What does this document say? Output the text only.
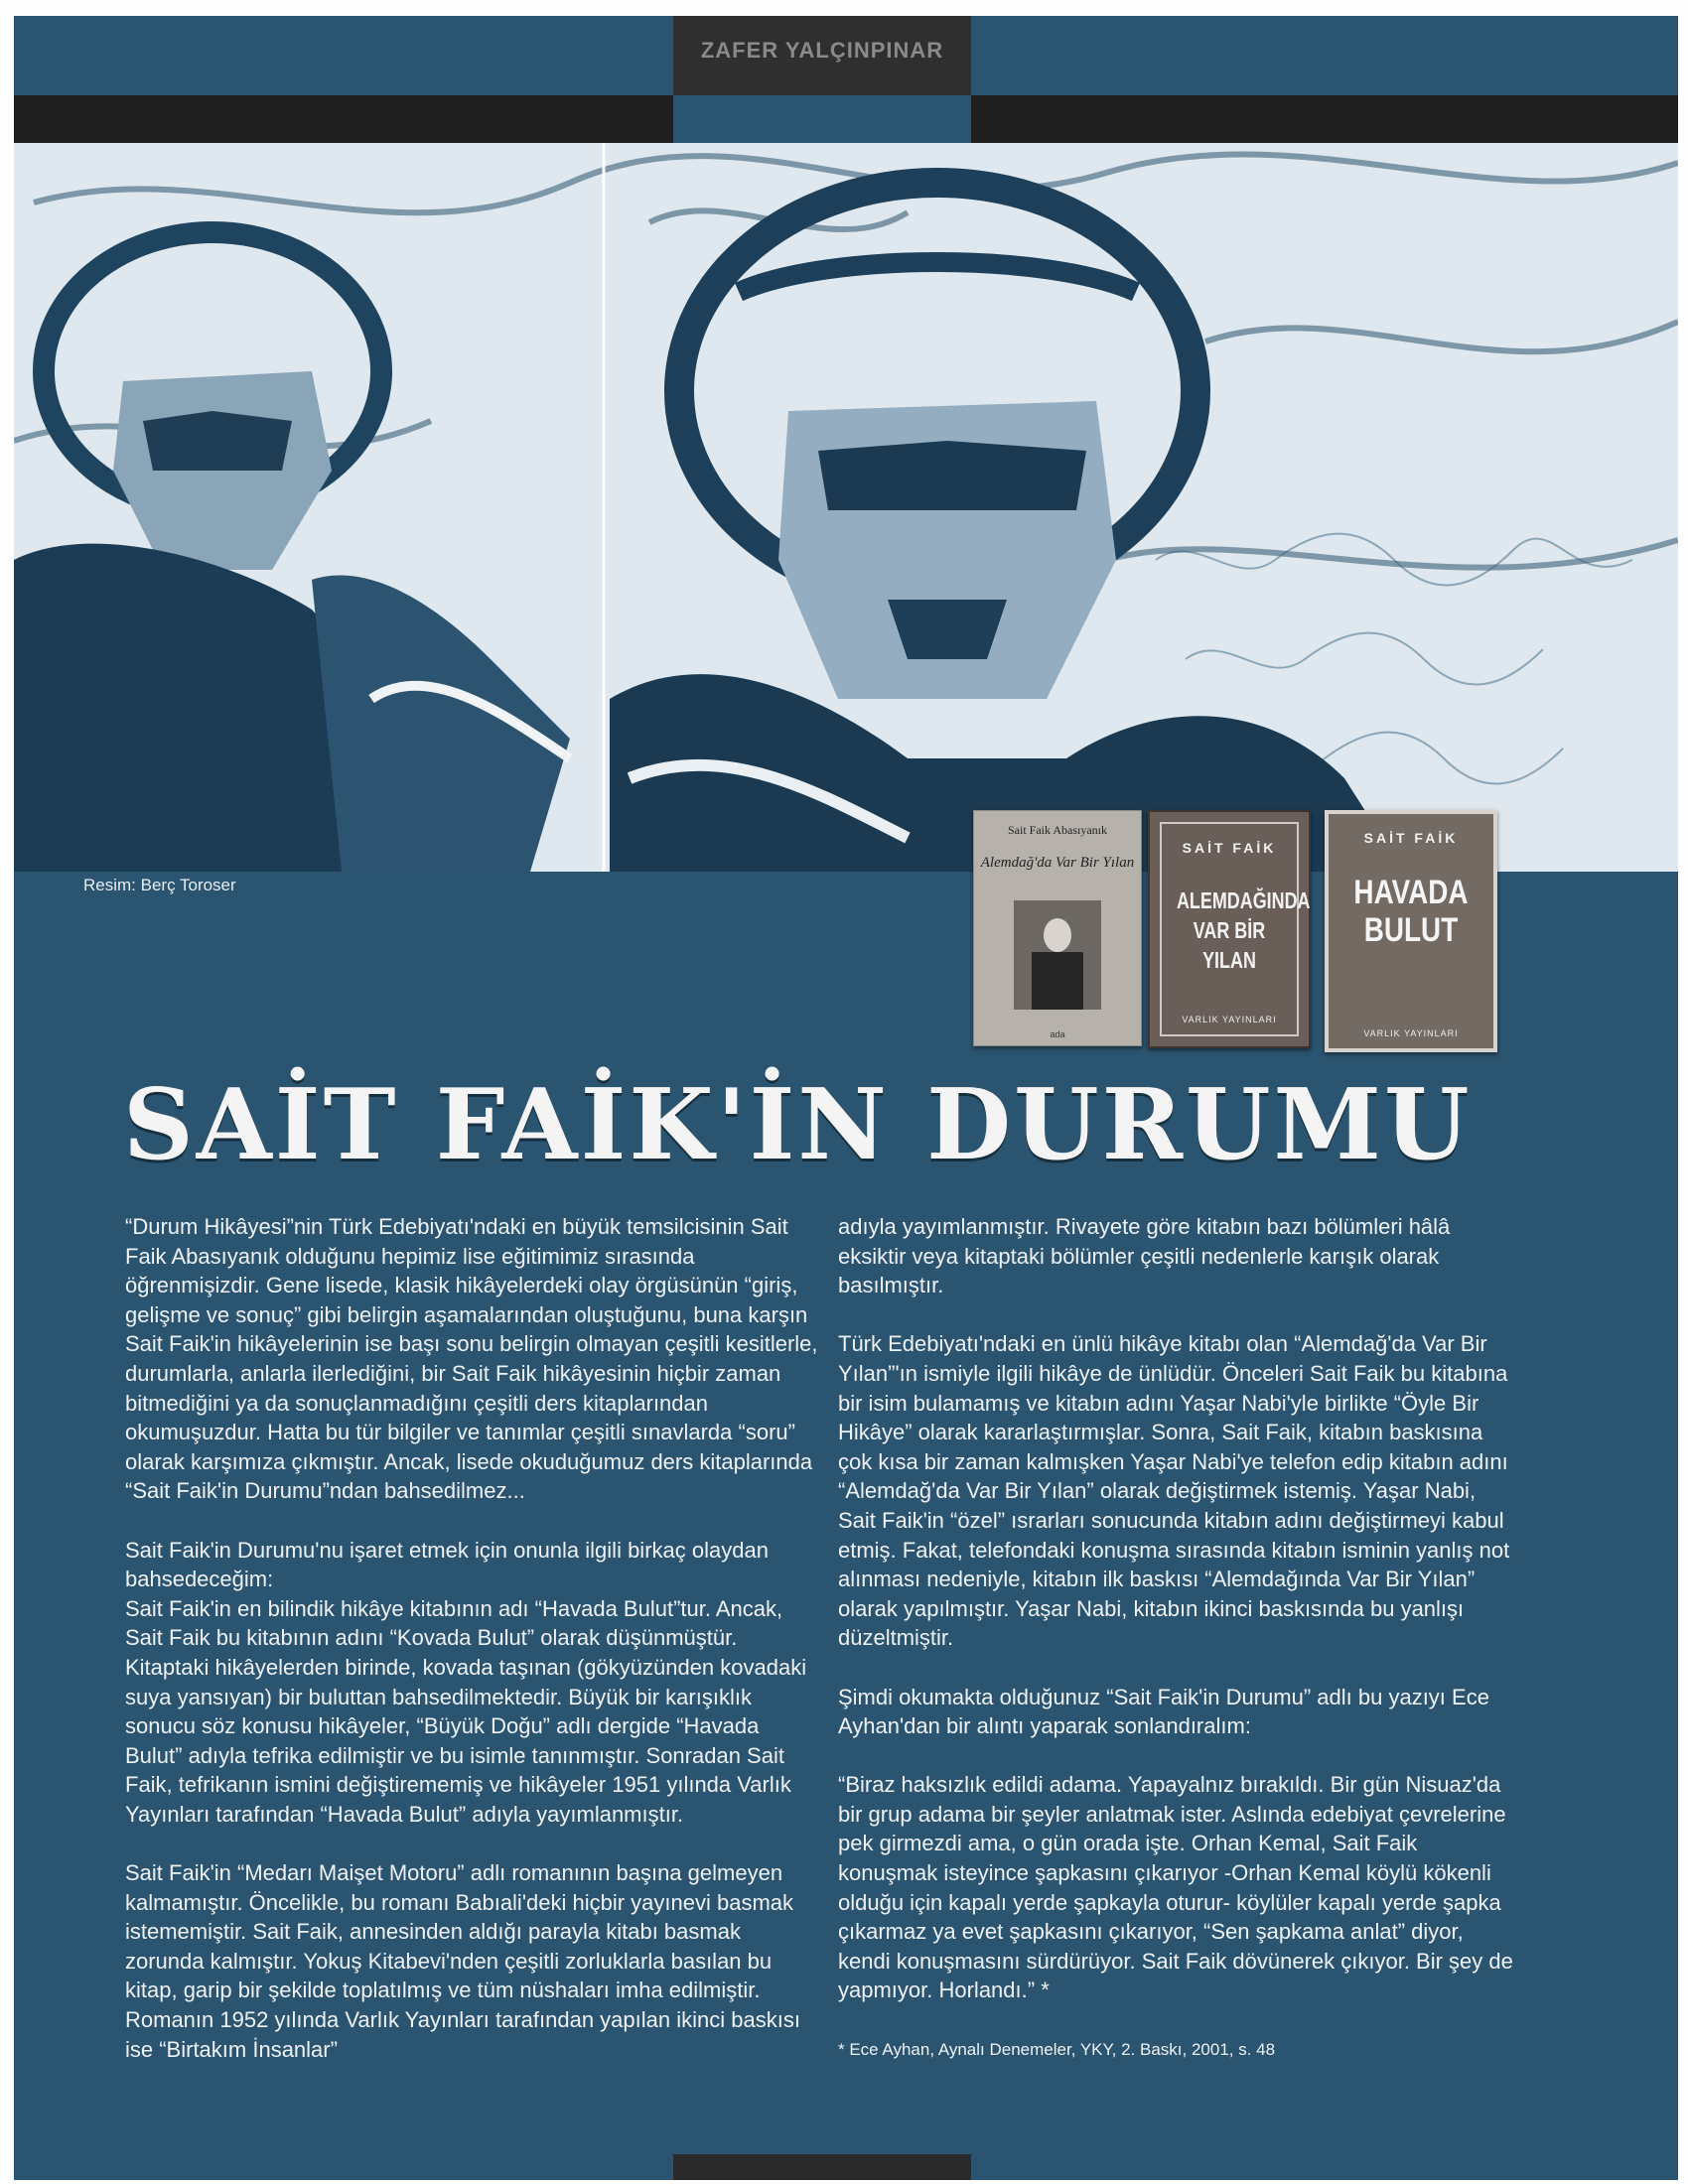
ZAFER YALÇINPINAR
Resim: Berç Toroser
Sait Faik Abasıyanık
Alemdağ'da Var Bir Yılan
ada
SAİT FAİK
ALEMDAĞINDA VAR BİR YILAN
VARLIK YAYINLARI
SAİT FAİK
HAVADA BULUT
VARLIK YAYINLARI
SAİT FAİK'İN DURUMU

“Durum Hikâyesi”nin Türk Edebiyatı'ndaki en büyük temsilcisinin Sait Faik Abasıyanık olduğunu hepimiz lise eğitimimiz sırasında öğrenmişizdir. Gene lisede, klasik hikâyelerdeki olay örgüsünün “giriş, gelişme ve sonuç” gibi belirgin aşamalarından oluştuğunu, buna karşın Sait Faik'in hikâyelerinin ise başı sonu belirgin olmayan çeşitli kesitlerle, durumlarla, anlarla ilerlediğini, bir Sait Faik hikâyesinin hiçbir zaman bitmediğini ya da sonuçlanmadığını çeşitli ders kitaplarından okumuşuzdur. Hatta bu tür bilgiler ve tanımlar çeşitli sınavlarda “soru” olarak karşımıza çıkmıştır. Ancak, lisede okuduğumuz ders kitaplarında “Sait Faik'in Durumu”ndan bahsedilmez...

Sait Faik'in Durumu'nu işaret etmek için onunla ilgili birkaç olaydan bahsedeceğim:

Sait Faik'in en bilindik hikâye kitabının adı “Havada Bulut”tur. Ancak, Sait Faik bu kitabının adını “Kovada Bulut” olarak düşünmüştür. Kitaptaki hikâyelerden birinde, kovada taşınan (gökyüzünden kovadaki suya yansıyan) bir buluttan bahsedilmektedir. Büyük bir karışıklık sonucu söz konusu hikâyeler, “Büyük Doğu” adlı dergide “Havada Bulut” adıyla tefrika edilmiştir ve bu isimle tanınmıştır. Sonradan Sait Faik, tefrikanın ismini değiştirememiş ve hikâyeler 1951 yılında Varlık Yayınları tarafından “Havada Bulut” adıyla yayımlanmıştır.

Sait Faik'in “Medarı Maişet Motoru” adlı romanının başına gelmeyen kalmamıştır. Öncelikle, bu romanı Babıali'deki hiçbir yayınevi basmak istememiştir. Sait Faik, annesinden aldığı parayla kitabı basmak zorunda kalmıştır. Yokuş Kitabevi'nden çeşitli zorluklarla basılan bu kitap, garip bir şekilde toplatılmış ve tüm nüshaları imha edilmiştir. Romanın 1952 yılında Varlık Yayınları tarafından yapılan ikinci baskısı ise “Birtakım İnsanlar”

adıyla yayımlanmıştır. Rivayete göre kitabın bazı bölümleri hâlâ eksiktir veya kitaptaki bölümler çeşitli nedenlerle karışık olarak basılmıştır.

Türk Edebiyatı'ndaki en ünlü hikâye kitabı olan “Alemdağ'da Var Bir Yılan”'ın ismiyle ilgili hikâye de ünlüdür. Önceleri Sait Faik bu kitabına bir isim bulamamış ve kitabın adını Yaşar Nabi'yle birlikte “Öyle Bir Hikâye” olarak kararlaştırmışlar. Sonra, Sait Faik, kitabın baskısına çok kısa bir zaman kalmışken Yaşar Nabi'ye telefon edip kitabın adını “Alemdağ'da Var Bir Yılan” olarak değiştirmek istemiş. Yaşar Nabi, Sait Faik'in “özel” ısrarları sonucunda kitabın adını değiştirmeyi kabul etmiş. Fakat, telefondaki konuşma sırasında kitabın isminin yanlış not alınması nedeniyle, kitabın ilk baskısı “Alemdağında Var Bir Yılan” olarak yapılmıştır. Yaşar Nabi, kitabın ikinci baskısında bu yanlışı düzeltmiştir.

Şimdi okumakta olduğunuz “Sait Faik'in Durumu” adlı bu yazıyı Ece Ayhan'dan bir alıntı yaparak sonlandıralım:

“Biraz haksızlık edildi adama. Yapayalnız bırakıldı. Bir gün Nisuaz'da bir grup adama bir şeyler anlatmak ister. Aslında edebiyat çevrelerine pek girmezdi ama, o gün orada işte. Orhan Kemal, Sait Faik konuşmak isteyince şapkasını çıkarıyor -Orhan Kemal köylü kökenli olduğu için kapalı yerde şapkayla oturur- köylüler kapalı yerde şapka çıkarmaz ya evet şapkasını çıkarıyor, “Sen şapkama anlat” diyor, kendi konuşmasını sürdürüyor. Sait Faik dövünerek çıkıyor. Bir şey de yapmıyor. Horlandı.” *

* Ece Ayhan, Aynalı Denemeler, YKY, 2. Baskı, 2001, s. 48
